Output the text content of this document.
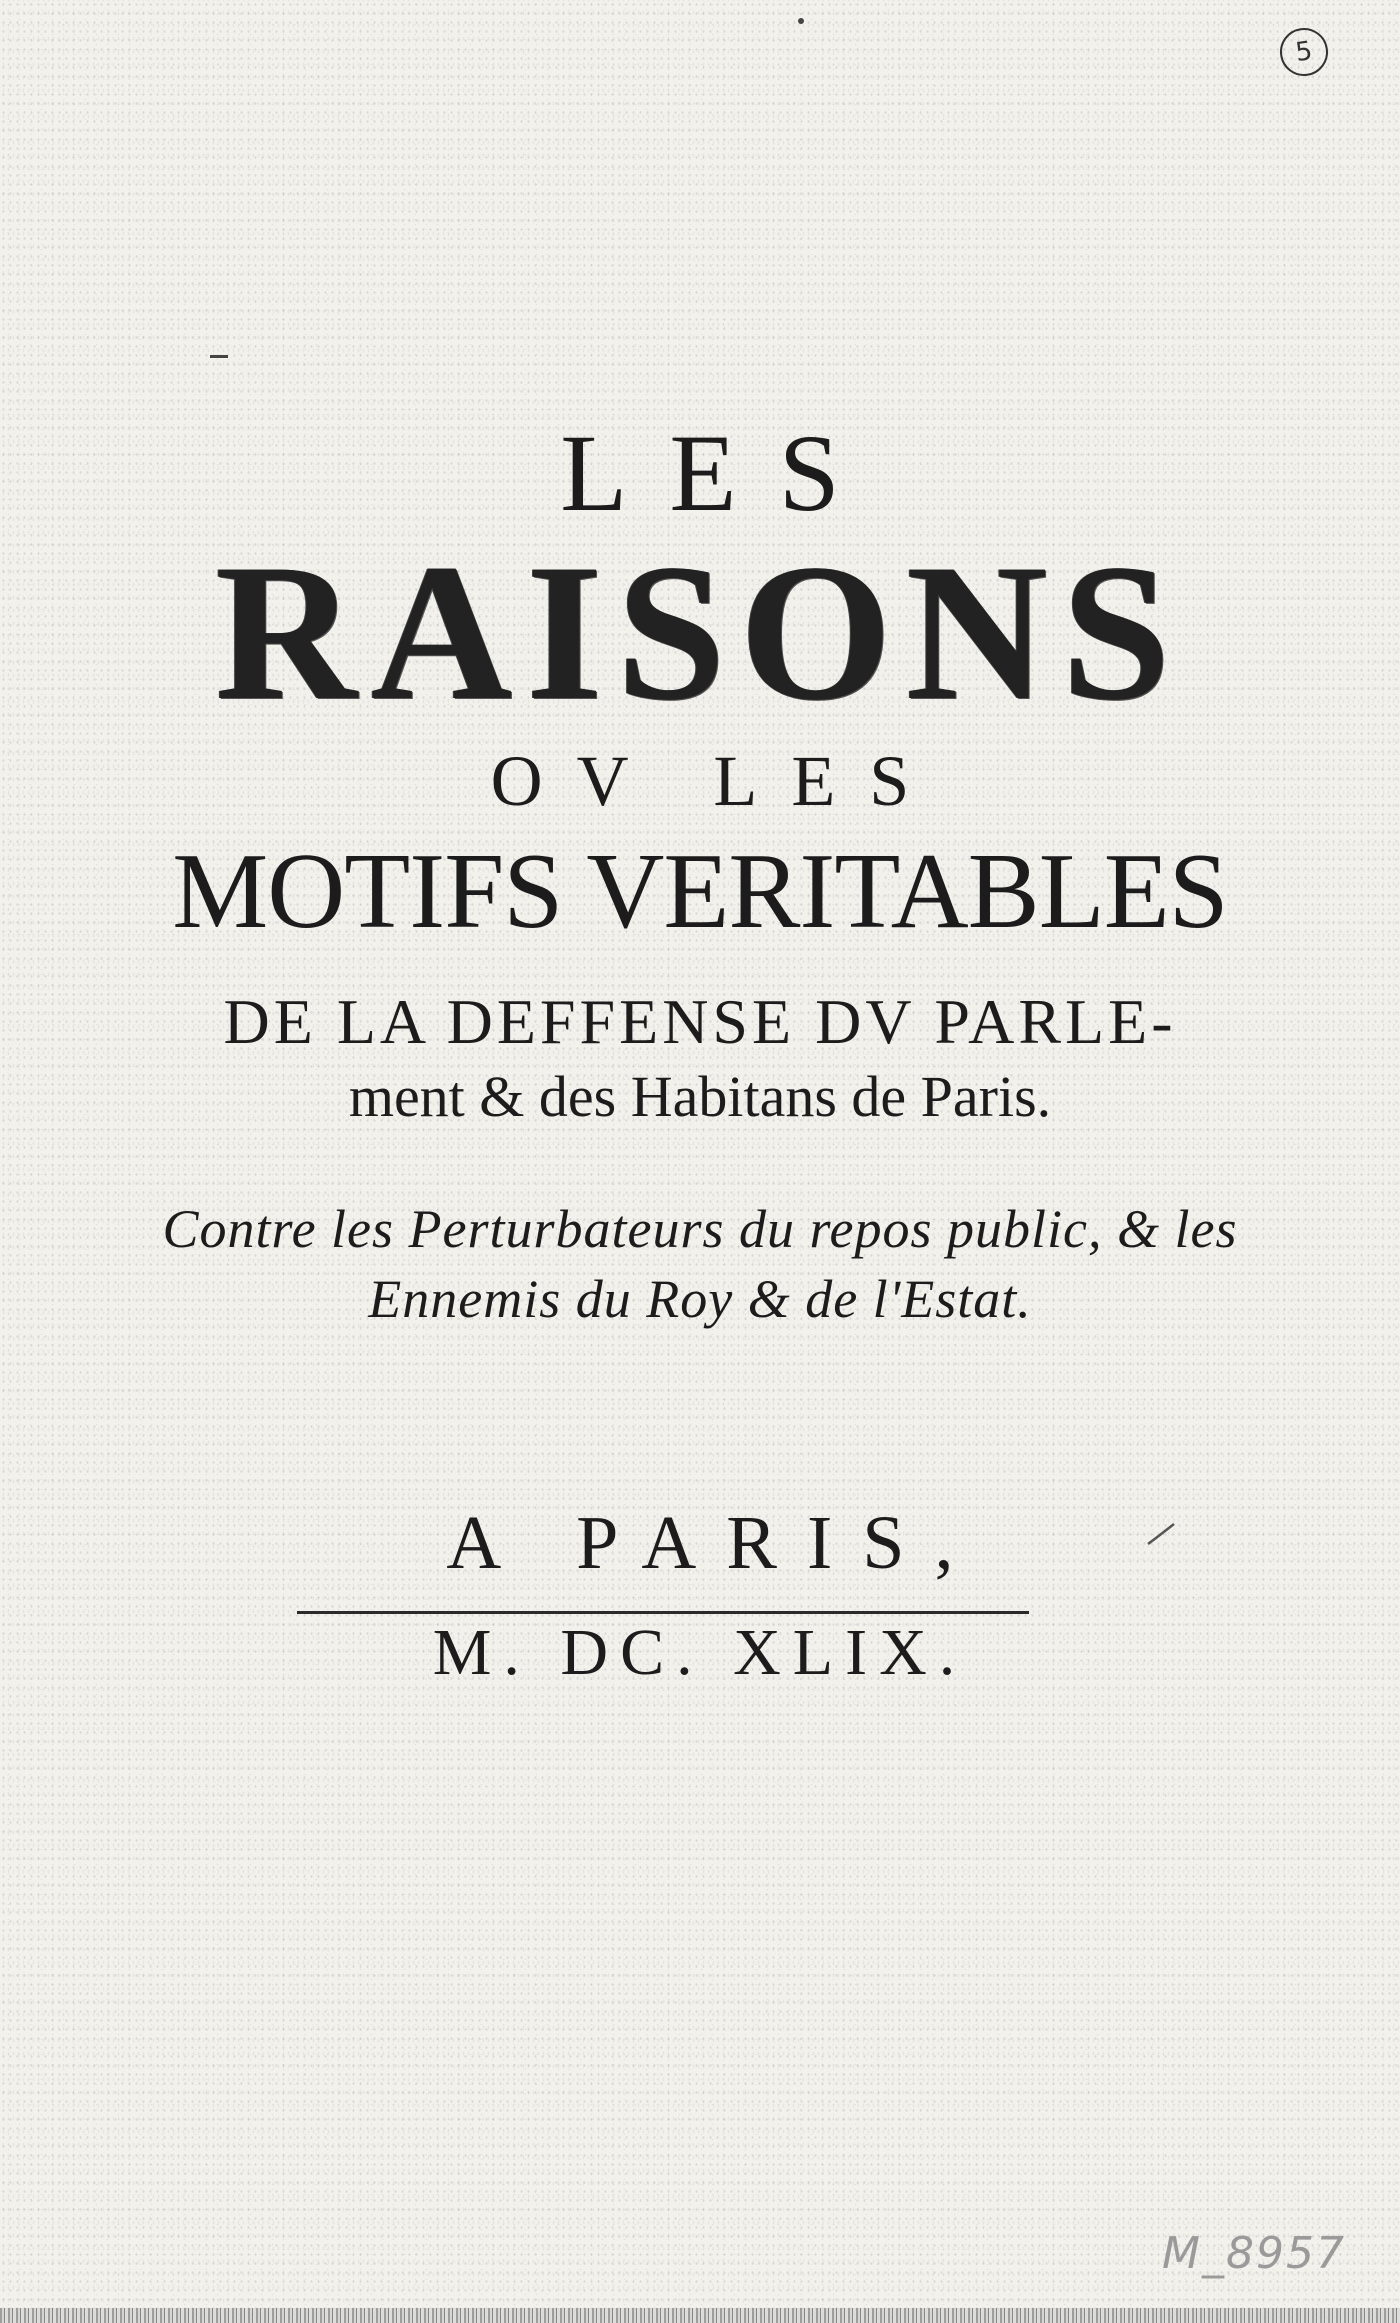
5
LES
RAISONS
OV LES
MOTIFS VERITABLES
DE LA DEFFENSE DV PARLE-
ment & des Habitans de Paris.
Contre les Perturbateurs du repos public, & les
Ennemis du Roy & de l'Estat.
A PARIS,
M. DC. XLIX.
M_8957
